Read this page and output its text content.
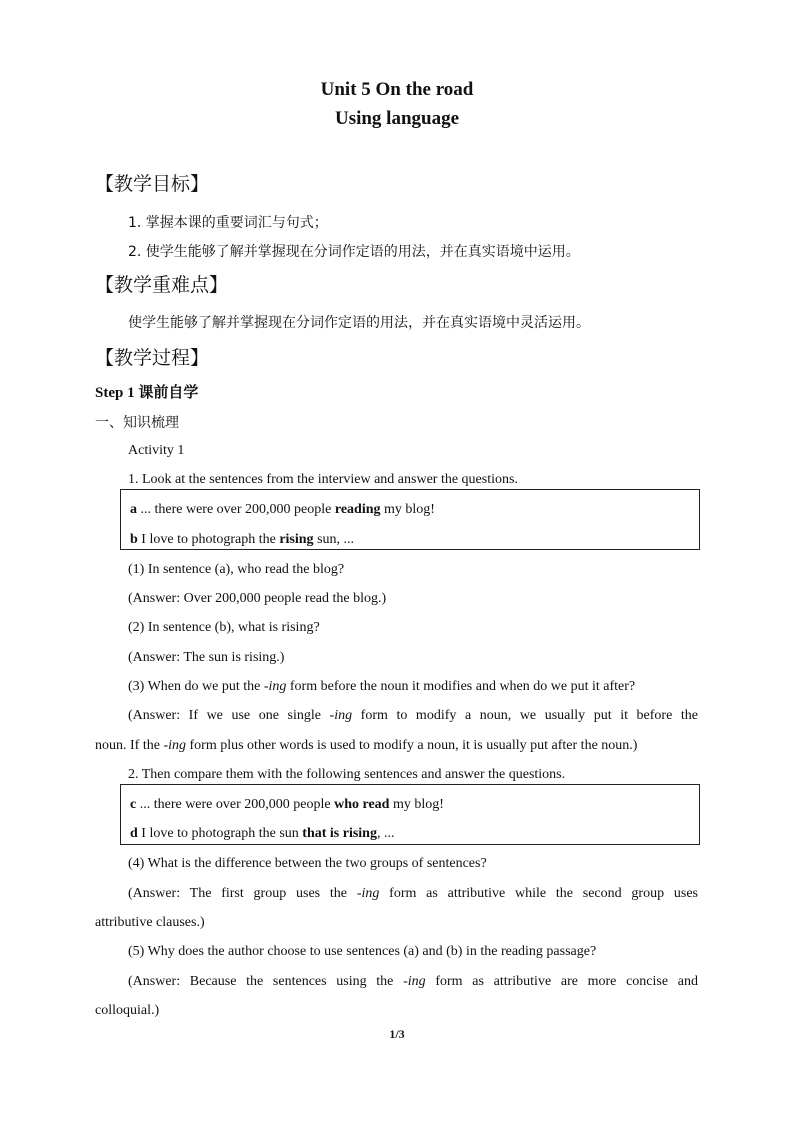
Unit 5 On the road
Using language
【教学目标】
1. 掌握本课的重要词汇与句式；
2. 使学生能够了解并掌握现在分词作定语的用法，并在真实语境中运用。
【教学重难点】
使学生能够了解并掌握现在分词作定语的用法，并在真实语境中灵活运用。
【教学过程】
Step 1 课前自学
一、知识梳理
Activity 1
1. Look at the sentences from the interview and answer the questions.
a ... there were over 200,000 people reading my blog!
b I love to photograph the rising sun, ...
(1) In sentence (a), who read the blog?
(Answer: Over 200,000 people read the blog.)
(2) In sentence (b), what is rising?
(Answer: The sun is rising.)
(3) When do we put the -ing form before the noun it modifies and when do we put it after?
(Answer: If we use one single -ing form to modify a noun, we usually put it before the
noun. If the -ing form plus other words is used to modify a noun, it is usually put after the noun.)
2. Then compare them with the following sentences and answer the questions.
c ... there were over 200,000 people who read my blog!
d I love to photograph the sun that is rising, ...
(4) What is the difference between the two groups of sentences?
(Answer: The first group uses the -ing form as attributive while the second group uses
attributive clauses.)
(5) Why does the author choose to use sentences (a) and (b) in the reading passage?
(Answer: Because the sentences using the -ing form as attributive are more concise and
colloquial.)
1/3
